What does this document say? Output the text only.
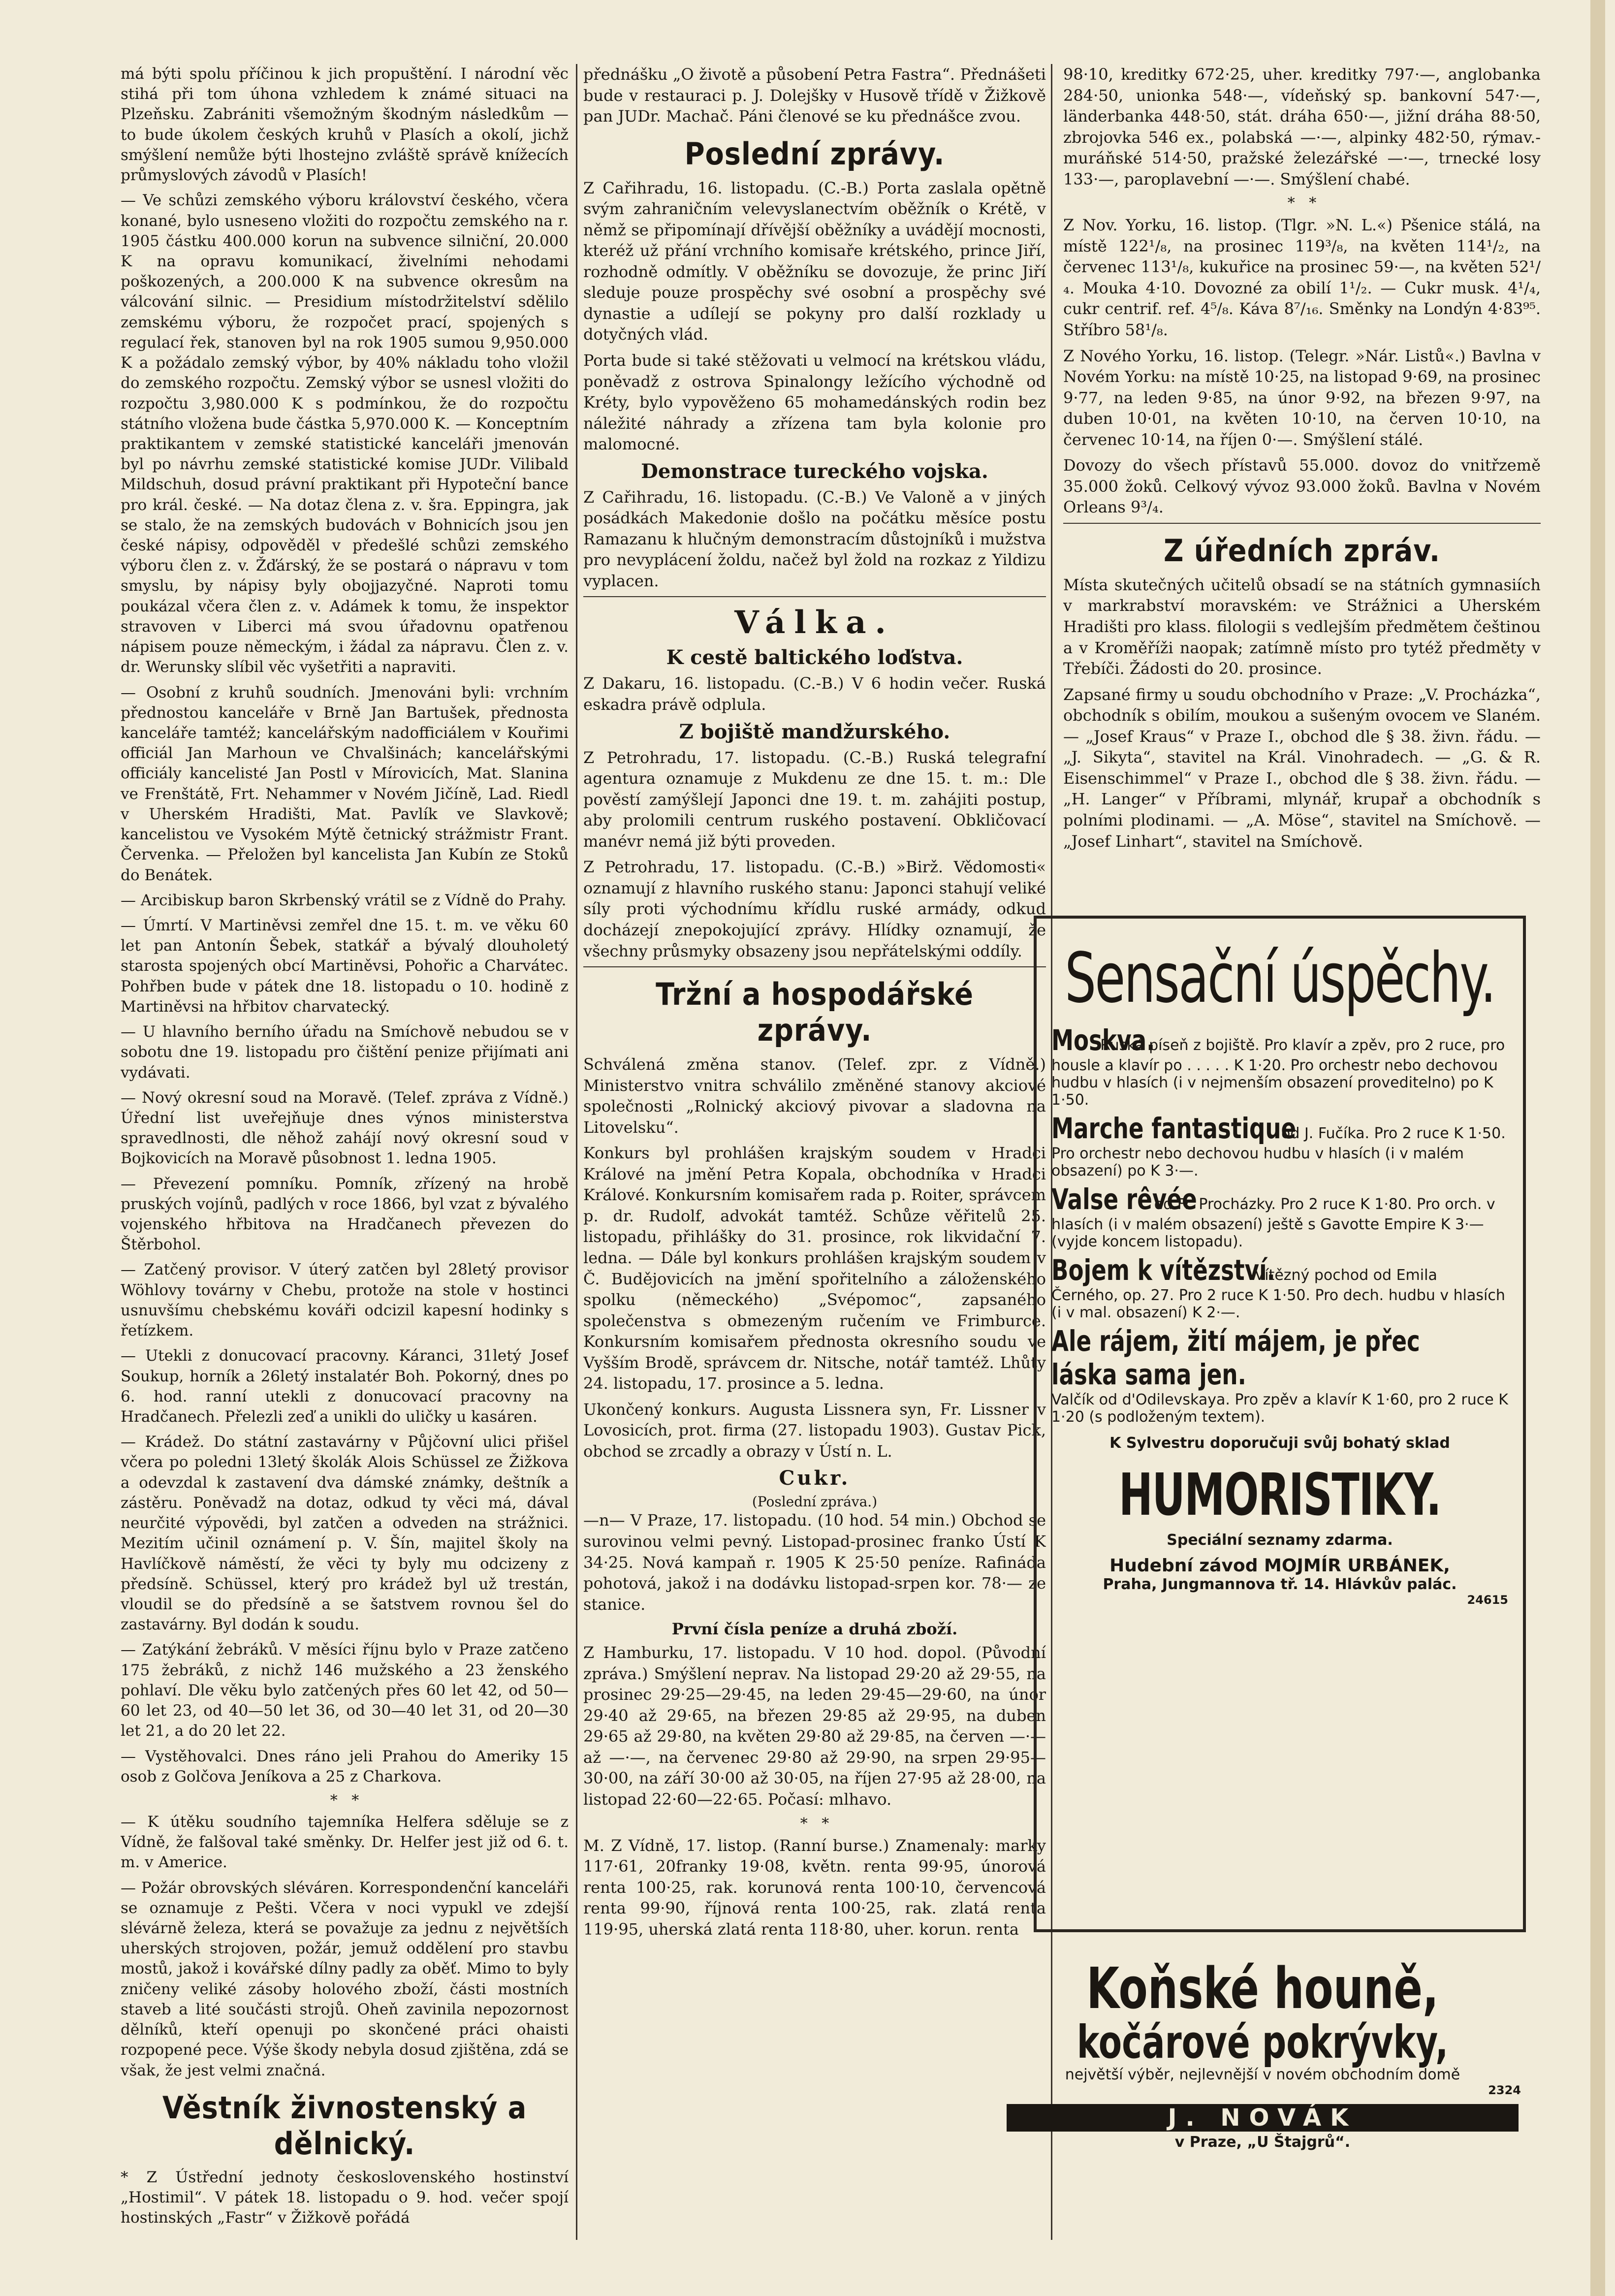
má býti spolu příčinou k jich propuštění. I národní věc stihá při tom úhona vzhledem k známé situaci na Plzeňsku. Zabrániti všemožným škodným následkům — to bude úkolem českých kruhů v Plasích a okolí, jichž smýšlení nemůže býti lhostejno zvláště správě knížecích průmyslových závodů v Plasích!

— Ve schůzi zemského výboru království českého, včera konané, bylo usneseno vložiti do rozpočtu zemského na r. 1905 částku 400.000 korun na subvence silniční, 20.000 K na opravu komunikací, živelními nehodami poškozených, a 200.000 K na subvence okresům na válcování silnic. — Presidium místodržitelství sdělilo zemskému výboru, že rozpočet prací, spojených s regulací řek, stanoven byl na rok 1905 sumou 9,950.000 K a požádalo zemský výbor, by 40% nákladu toho vložil do zemského rozpočtu. Zemský výbor se usnesl vložiti do rozpočtu 3,980.000 K s podmínkou, že do rozpočtu státního vložena bude částka 5,970.000 K. — Konceptním praktikantem v zemské statistické kanceláři jmenován byl po návrhu zemské statistické komise JUDr. Vilibald Mildschuh, dosud právní praktikant při Hypoteční bance pro král. české. — Na dotaz člena z. v. šra. Eppingra, jak se stalo, že na zemských budovách v Bohnicích jsou jen české nápisy, odpověděl v předešlé schůzi zemského výboru člen z. v. Žďárský, že se postará o nápravu v tom smyslu, by nápisy byly obojjazyčné. Naproti tomu poukázal včera člen z. v. Adámek k tomu, že inspektor stravoven v Liberci má svou úřadovnu opatřenou nápisem pouze německým, i žádal za nápravu. Člen z. v. dr. Werunsky slíbil věc vyšetřiti a napraviti.

— Osobní z kruhů soudních. Jmenováni byli: vrchním přednostou kanceláře v Brně Jan Bartušek, přednosta kanceláře tamtéž; kancelářským nadofficiálem v Kouřimi officiál Jan Marhoun ve Chvalšinách; kancelářskými officiály kancelisté Jan Postl v Mírovicích, Mat. Slanina ve Frenštátě, Frt. Nehammer v Novém Jičíně, Lad. Riedl v Uherském Hradišti, Mat. Pavlík ve Slavkově; kancelistou ve Vysokém Mýtě četnický strážmistr Frant. Červenka. — Přeložen byl kancelista Jan Kubín ze Stoků do Benátek.

— Arcibiskup baron Skrbenský vrátil se z Vídně do Prahy.

— Úmrtí. V Martiněvsi zemřel dne 15. t. m. ve věku 60 let pan Antonín Šebek, statkář a bývalý dlouholetý starosta spojených obcí Martiněvsi, Pohořic a Charvátec. Pohřben bude v pátek dne 18. listopadu o 10. hodině z Martiněvsi na hřbitov charvatecký.

— U hlavního berního úřadu na Smíchově nebudou se v sobotu dne 19. listopadu pro čištění penize přijímati ani vydávati.

— Nový okresní soud na Moravě. (Telef. zpráva z Vídně.) Úřední list uveřejňuje dnes výnos ministerstva spravedlnosti, dle něhož zahájí nový okresní soud v Bojkovicích na Moravě působnost 1. ledna 1905.

— Převezení pomníku. Pomník, zřízený na hrobě pruských vojínů, padlých v roce 1866, byl vzat z bývalého vojenského hřbitova na Hradčanech převezen do Štěrbohol.

— Zatčený provisor. V úterý zatčen byl 28letý provisor Wöhlovy továrny v Chebu, protože na stole v hostinci usnuvšímu chebskému kováři odcizil kapesní hodinky s řetízkem.

— Utekli z donucovací pracovny. Káranci, 31letý Josef Soukup, horník a 26letý instalatér Boh. Pokorný, dnes po 6. hod. ranní utekli z donucovací pracovny na Hradčanech. Přelezli zeď a unikli do uličky u kasáren.

— Krádež. Do státní zastavárny v Půjčovní ulici přišel včera po poledni 13letý školák Alois Schüssel ze Žižkova a odevzdal k zastavení dva dámské známky, deštník a zástěru. Poněvadž na dotaz, odkud ty věci má, dával neurčité výpovědi, byl zatčen a odveden na strážnici. Mezitím učinil oznámení p. V. Šín, majitel školy na Havlíčkově náměstí, že věci ty byly mu odcizeny z předsíně. Schüssel, který pro krádež byl už trestán, vloudil se do předsíně a se šatstvem rovnou šel do zastavárny. Byl dodán k soudu.

— Zatýkání žebráků. V měsíci říjnu bylo v Praze zatčeno 175 žebráků, z nichž 146 mužského a 23 ženského pohlaví. Dle věku bylo zatčených přes 60 let 42, od 50—60 let 23, od 40—50 let 36, od 30—40 let 31, od 20—30 let 21, a do 20 let 22.

— Vystěhovalci. Dnes ráno jeli Prahou do Ameriky 15 osob z Golčova Jeníkova a 25 z Charkova.

*   *

— K útěku soudního tajemníka Helfera sděluje se z Vídně, že falšoval také směnky. Dr. Helfer jest již od 6. t. m. v Americe.

— Požár obrovských sléváren. Korrespondenční kanceláři se oznamuje z Pešti. Včera v noci vypukl ve zdejší slévárně železa, která se považuje za jednu z největších uherských strojoven, požár, jemuž oddělení pro stavbu mostů, jakož i kovářské dílny padly za oběť. Mimo to byly zničeny veliké zásoby holového zboží, části mostních staveb a lité součásti strojů. Oheň zavinila nepozornost dělníků, kteří openuji po skončené práci ohaisti rozpopené pece. Výše škody nebyla dosud zjištěna, zdá se však, že jest velmi značná.

Věstník živnostenský a dělnický.

* Z Ústřední jednoty československého hostinství „Hostimil“. V pátek 18. listopadu o 9. hod. večer spojí hostinských „Fastr“ v Žižkově pořádá

přednášku „O životě a působení Petra Fastra“. Přednášeti bude v restauraci p. J. Dolejšky v Husově třídě v Žižkově pan JUDr. Machač. Páni členové se ku přednášce zvou.

Poslední zprávy.

Z Cařihradu, 16. listopadu. (C.-B.) Porta zaslala opětně svým zahraničním velevyslanectvím oběžník o Krétě, v němž se připomínají dřívější oběžníky a uvádějí mocnosti, kteréž už přání vrchního komisaře krétského, prince Jiří, rozhodně odmítly. V oběžníku se dovozuje, že princ Jiří sleduje pouze prospěchy své osobní a prospěchy své dynastie a udílejí se pokyny pro další rozklady u dotyčných vlád.

Porta bude si také stěžovati u velmocí na krétskou vládu, poněvadž z ostrova Spinalongy ležícího východně od Kréty, bylo vypověženo 65 mohamedánských rodin bez náležité náhrady a zřízena tam byla kolonie pro malomocné.

Demonstrace tureckého vojska.

Z Cařihradu, 16. listopadu. (C.-B.) Ve Valoně a v jiných posádkách Makedonie došlo na počátku měsíce postu Ramazanu k hlučným demonstracím důstojníků i mužstva pro nevyplácení žoldu, načež byl žold na rozkaz z Yildizu vyplacen.

Válka.
K cestě baltického loďstva.

Z Dakaru, 16. listopadu. (C.-B.) V 6 hodin večer. Ruská eskadra právě odplula.

Z bojiště mandžurského.

Z Petrohradu, 17. listopadu. (C.-B.) Ruská telegrafní agentura oznamuje z Mukdenu ze dne 15. t. m.: Dle pověstí zamýšlejí Japonci dne 19. t. m. zahájiti postup, aby prolomili centrum ruského postavení. Obkličovací manévr nemá již býti proveden.

Z Petrohradu, 17. listopadu. (C.-B.) »Birž. Vědomosti« oznamují z hlavního ruského stanu: Japonci stahují veliké síly proti východnímu křídlu ruské armády, odkud docházejí znepokojující zprávy. Hlídky oznamují, že všechny průsmyky obsazeny jsou nepřátelskými oddíly.

Tržní a hospodářské zprávy.

Schválená změna stanov. (Telef. zpr. z Vídně.) Ministerstvo vnitra schválilo změněné stanovy akciové společnosti „Rolnický akciový pivovar a sladovna na Litovelsku“.

Konkurs byl prohlášen krajským soudem v Hradci Králové na jmění Petra Kopala, obchodníka v Hradci Králové. Konkursním komisařem rada p. Roiter, správcem p. dr. Rudolf, advokát tamtéž. Schůze věřitelů 25. listopadu, přihlášky do 31. prosince, rok likvidační 7. ledna. — Dále byl konkurs prohlášen krajským soudem v Č. Budějovicích na jmění spořitelního a záloženského spolku (německého) „Svépomoc“, zapsaného společenstva s obmezeným ručením ve Frimburce. Konkursním komisařem přednosta okresního soudu ve Vyšším Brodě, správcem dr. Nitsche, notář tamtéž. Lhůty 24. listopadu, 17. prosince a 5. ledna.

Ukončený konkurs. Augusta Lissnera syn, Fr. Lissner v Lovosicích, prot. firma (27. listopadu 1903). Gustav Pick, obchod se zrcadly a obrazy v Ústí n. L.

Cukr.
(Poslední zpráva.)

—n— V Praze, 17. listopadu. (10 hod. 54 min.) Obchod se surovinou velmi pevný. Listopad-prosinec franko Ústí K 34·25. Nová kampaň r. 1905 K 25·50 peníze. Rafináda pohotová, jakož i na dodávku listopad-srpen kor. 78·— ze stanice.

První čísla peníze a druhá zboží.

Z Hamburku, 17. listopadu. V 10 hod. dopol. (Původní zpráva.) Smýšlení neprav. Na listopad 29·20 až 29·55, na prosinec 29·25—29·45, na leden 29·45—29·60, na únor 29·40 až 29·65, na březen 29·85 až 29·95, na duben 29·65 až 29·80, na květen 29·80 až 29·85, na červen —·— až —·—, na červenec 29·80 až 29·90, na srpen 29·95—30·00, na září 30·00 až 30·05, na říjen 27·95 až 28·00, na listopad 22·60—22·65. Počasí: mlhavo.

*   *

M. Z Vídně, 17. listop. (Ranní burse.) Znamenaly: marky 117·61, 20franky 19·08, květn. renta 99·95, únorová renta 100·25, rak. korunová renta 100·10, červencová renta 99·90, říjnová renta 100·25, rak. zlatá renta 119·95, uherská zlatá renta 118·80, uher. korun. renta

98·10, kreditky 672·25, uher. kreditky 797·—, anglobanka 284·50, unionka 548·—, vídeňský sp. bankovní 547·—, länderbanka 448·50, stát. dráha 650·—, jižní dráha 88·50, zbrojovka 546 ex., polabská —·—, alpinky 482·50, rýmav.-muráňské 514·50, pražské železářské —·—, trnecké losy 133·—, paroplavební —·—. Smýšlení chabé.

*   *

Z Nov. Yorku, 16. listop. (Tlgr. »N. L.«) Pšenice stálá, na místě 122¹/₈, na prosinec 119³/₈, na květen 114¹/₂, na červenec 113¹/₈, kukuřice na prosinec 59·—, na květen 52¹/₄. Mouka 4·10. Dovozné za obilí 1¹/₂. — Cukr musk. 4¹/₄, cukr centrif. ref. 4⁵/₈. Káva 8⁷/₁₆. Směnky na Londýn 4·83⁹⁵. Stříbro 58¹/₈.

Z Nového Yorku, 16. listop. (Telegr. »Nár. Listů«.) Bavlna v Novém Yorku: na místě 10·25, na listopad 9·69, na prosinec 9·77, na leden 9·85, na únor 9·92, na březen 9·97, na duben 10·01, na květen 10·10, na červen 10·10, na červenec 10·14, na říjen 0·—. Smýšlení stálé.

Dovozy do všech přístavů 55.000. dovoz do vnitřzemě 35.000 žoků. Celkový vývoz 93.000 žoků. Bavlna v Novém Orleans 9³/₄.

Z úředních zpráv.

Místa skutečných učitelů obsadí se na státních gymnasiích v markrabství moravském: ve Strážnici a Uherském Hradišti pro klass. filologii s vedlejším předmětem češtinou a v Kroměříži naopak; zatímně místo pro tytéž předměty v Třebíči. Žádosti do 20. prosince.

Zapsané firmy u soudu obchodního v Praze: „V. Procházka“, obchodník s obilím, moukou a sušeným ovocem ve Slaném. — „Josef Kraus“ v Praze I., obchod dle § 38. živn. řádu. — „J. Sikyta“, stavitel na Král. Vinohradech. — „G. & R. Eisenschimmel“ v Praze I., obchod dle § 38. živn. řádu. — „H. Langer“ v Příbrami, mlynář, krupař a obchodník s polními plodinami. — „A. Möse“, stavitel na Smíchově. — „Josef Linhart“, stavitel na Smíchově.

Sensační úspěchy.
Moskva. Ruská píseň z bojiště. Pro klavír a zpěv, pro 2 ruce, pro housle a klavír po . . . . . K 1·20. Pro orchestr nebo dechovou hudbu v hlasích (i v nejmenším obsazení proveditelno) po K 1·50.
Marche fantastique od J. Fučíka. Pro 2 ruce K 1·50. Pro orchestr nebo dechovou hudbu v hlasích (i v malém obsazení) po K 3·—.
Valse rêvée od Fr. Procházky. Pro 2 ruce K 1·80. Pro orch. v hlasích (i v malém obsazení) ještě s Gavotte Empire K 3·— (vyjde koncem listopadu).
Bojem k vítězství. Vítězný pochod od Emila Černého, op. 27. Pro 2 ruce K 1·50. Pro dech. hudbu v hlasích (i v mal. obsazení) K 2·—.
Ale rájem, žití májem, je přec láska sama jen. Valčík od d'Odilevskaya. Pro zpěv a klavír K 1·60, pro 2 ruce K 1·20 (s podloženým textem).
K Sylvestru doporučuji svůj bohatý sklad
HUMORISTIKY.
Speciální seznamy zdarma.
Hudební závod MOJMÍR URBÁNEK,
Praha, Jungmannova tř. 14. Hlávkův palác.
24615
Koňské houně,
kočárové pokrývky,
největší výběr, nejlevnější v novém obchodním domě
2324
J. NOVÁK
v Praze, „U Štajgrů“.
